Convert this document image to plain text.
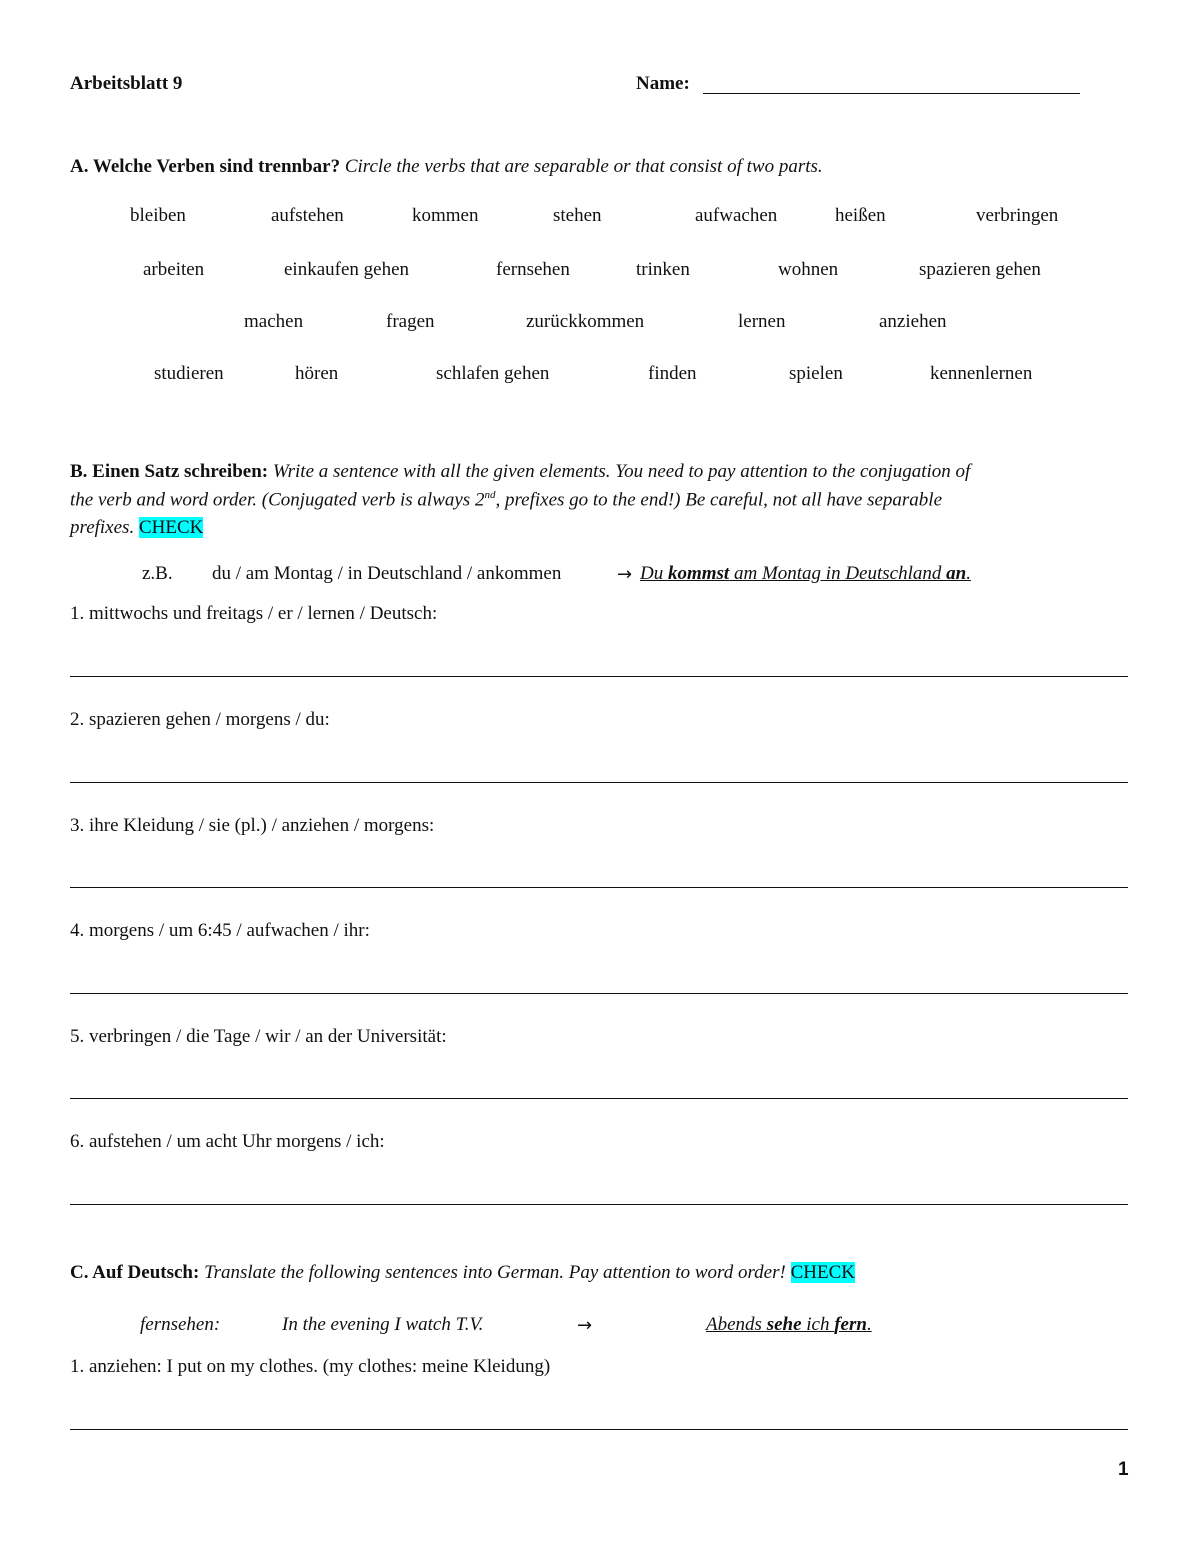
Arbeitsblatt 9	Name:
A. Welche Verben sind trennbar? Circle the verbs that are separable or that consist of two parts.
bleiben	aufstehen	kommen	stehen	aufwachen	heißen	verbringen
arbeiten	einkaufen gehen	fernsehen	trinken	wohnen	spazieren gehen
machen	fragen	zurückkommen	lernen	anziehen
studieren	hören	schlafen gehen	finden	spielen	kennenlernen
B. Einen Satz schreiben: Write a sentence with all the given elements. You need to pay attention to the conjugation of
the verb and word order. (Conjugated verb is always 2nd, prefixes go to the end!) Be careful, not all have separable
prefixes. CHECK
z.B. du / am Montag / in Deutschland / ankommen	→ Du kommst am Montag in Deutschland an.
1. mittwochs und freitags / er / lernen / Deutsch:
2. spazieren gehen / morgens / du:
3. ihre Kleidung / sie (pl.) / anziehen / morgens:
4. morgens / um 6:45 / aufwachen / ihr:
5. verbringen / die Tage / wir / an der Universität:
6. aufstehen / um acht Uhr morgens / ich:
C. Auf Deutsch: Translate the following sentences into German. Pay attention to word order! CHECK
fernsehen:	In the evening I watch T.V.	→	Abends sehe ich fern.
1. anziehen: I put on my clothes. (my clothes: meine Kleidung)
1
